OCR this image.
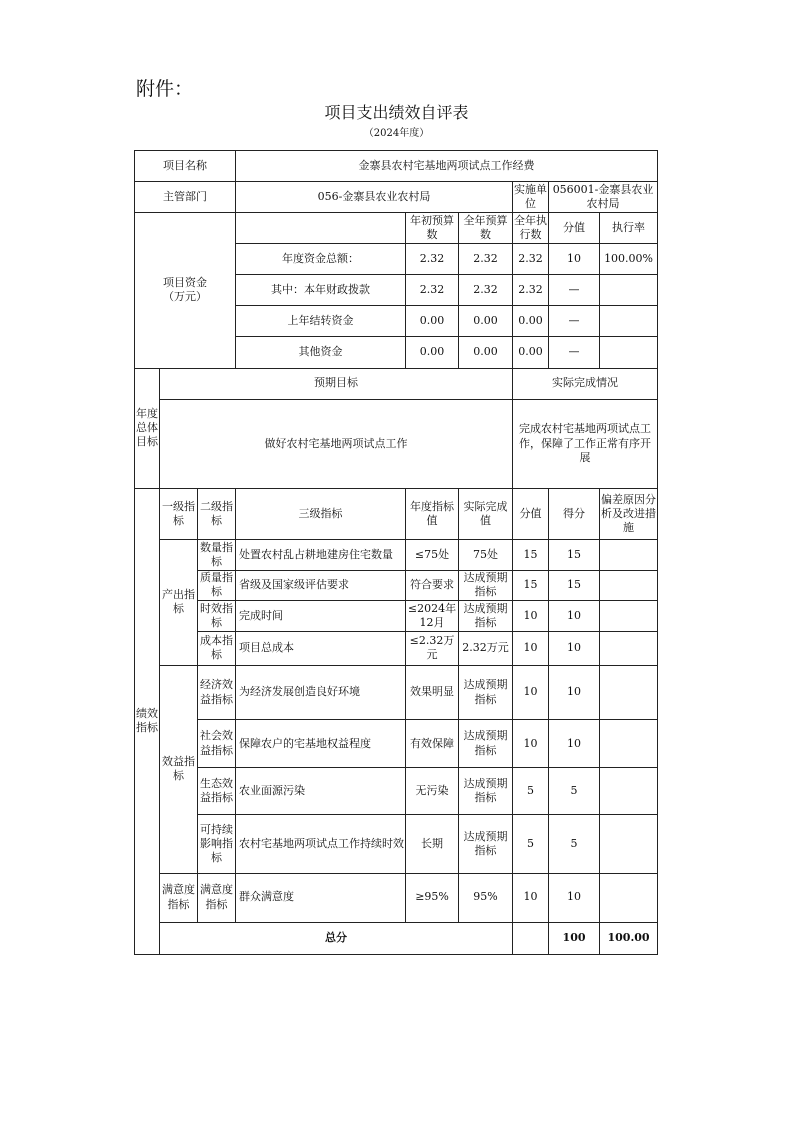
附件：
项目支出绩效自评表
（2024年度）
项目名称			金寨县农村宅基地两项试点工作经费						
主管部门			056-金寨县农业农村局			实施单位	056001-金寨县农业农村局		
项目资金
（万元）				年初预算数	全年预算数	全年执行数	分值	执行率	
			年度资金总额：	2.32	2.32	2.32	10	100.00%	
			其中：本年财政拨款	2.32	2.32	2.32	—		
			上年结转资金	0.00	0.00	0.00	—		
			其他资金	0.00	0.00	0.00	—		
年度总体目标	预期目标					实际完成情况			
	做好农村宅基地两项试点工作					完成农村宅基地两项试点工作，保障了工作正常有序开展			
绩效指标	一级指标	二级指标	三级指标	年度指标值	实际完成值	分值	得分	偏差原因分析及改进措施	
	产出指标	数量指标	处置农村乱占耕地建房住宅数量	≤75处	75处	15	15		
		质量指标	省级及国家级评估要求	符合要求	达成预期指标	15	15		
		时效指标	完成时间	≤2024年12月	达成预期指标	10	10		
		成本指标	项目总成本	≤2.32万元	2.32万元	10	10		
	效益指标	经济效益指标	为经济发展创造良好环境	效果明显	达成预期指标	10	10		
		社会效益指标	保障农户的宅基地权益程度	有效保障	达成预期指标	10	10		
		生态效益指标	农业面源污染	无污染	达成预期指标	5	5		
		可持续影响指标	农村宅基地两项试点工作持续时效	长期	达成预期指标	5	5		
	满意度指标	满意度指标	群众满意度	≥95%	95%	10	10		
	总分						100	100.00	
